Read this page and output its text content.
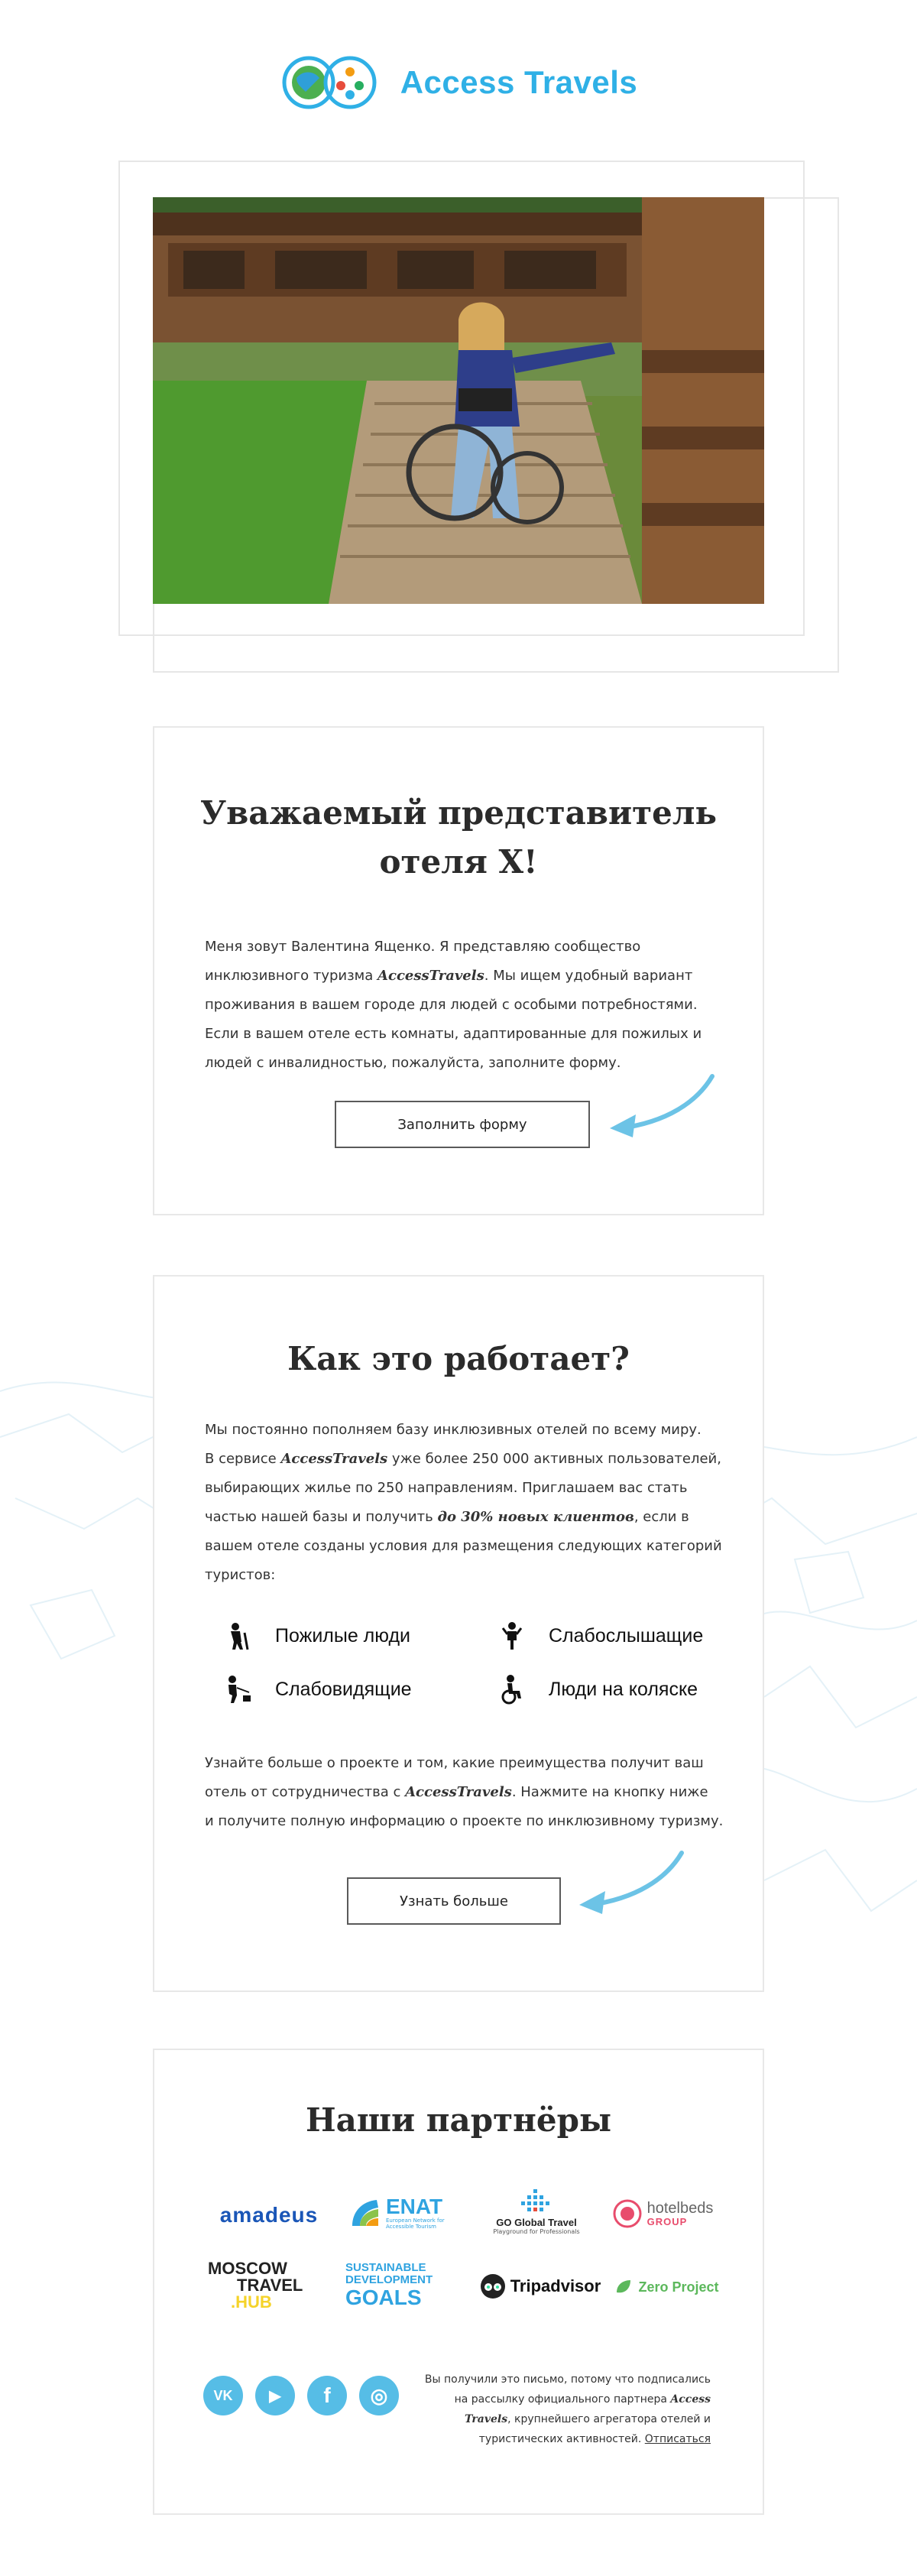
Access Travels
Уважаемый представитель
отеля X!

Меня зовут Валентина Ященко. Я представляю сообщество
инклюзивного туризма AccessTravels. Мы ищем удобный вариант
проживания в вашем городе для людей с особыми потребностями.
Если в вашем отеле есть комнаты, адаптированные для пожилых и
людей с инвалидностью, пожалуйста, заполните форму.

Заполнить форму
Как это работает?

Мы постоянно пополняем базу инклюзивных отелей по всему миру.
В сервисе AccessTravels уже более 250 000 активных пользователей,
выбирающих жилье по 250 направлениям. Приглашаем вас стать
частью нашей базы и получить до 30% новых клиентов, если в
вашем отеле созданы условия для размещения следующих категорий
туристов:

Пожилые люди	Слабослышащие
Слабовидящие	Люди на коляске

Узнайте больше о проекте и том, какие преимущества получит ваш
отель от сотрудничества с AccessTravels. Нажмите на кнопку ниже
и получите полную информацию о проекте по инклюзивному туризму.

Узнать больше
Наши партнёры
amadeus	ENAT
European Network for Accessible Tourism	GO Global Travel
Playground for Professionals
hotelbeds
GROUP
MOSCOW
TRAVEL
.HUB
SUSTAINABLE
DEVELOPMENT
GOALS	Tripadvisor	Zero Project
VK ▶ f ◎
Вы получили это письмо, потому что подписались
на рассылку официального партнера Access
Travels, крупнейшего агрегатора отелей и
туристических активностей. Отписаться
